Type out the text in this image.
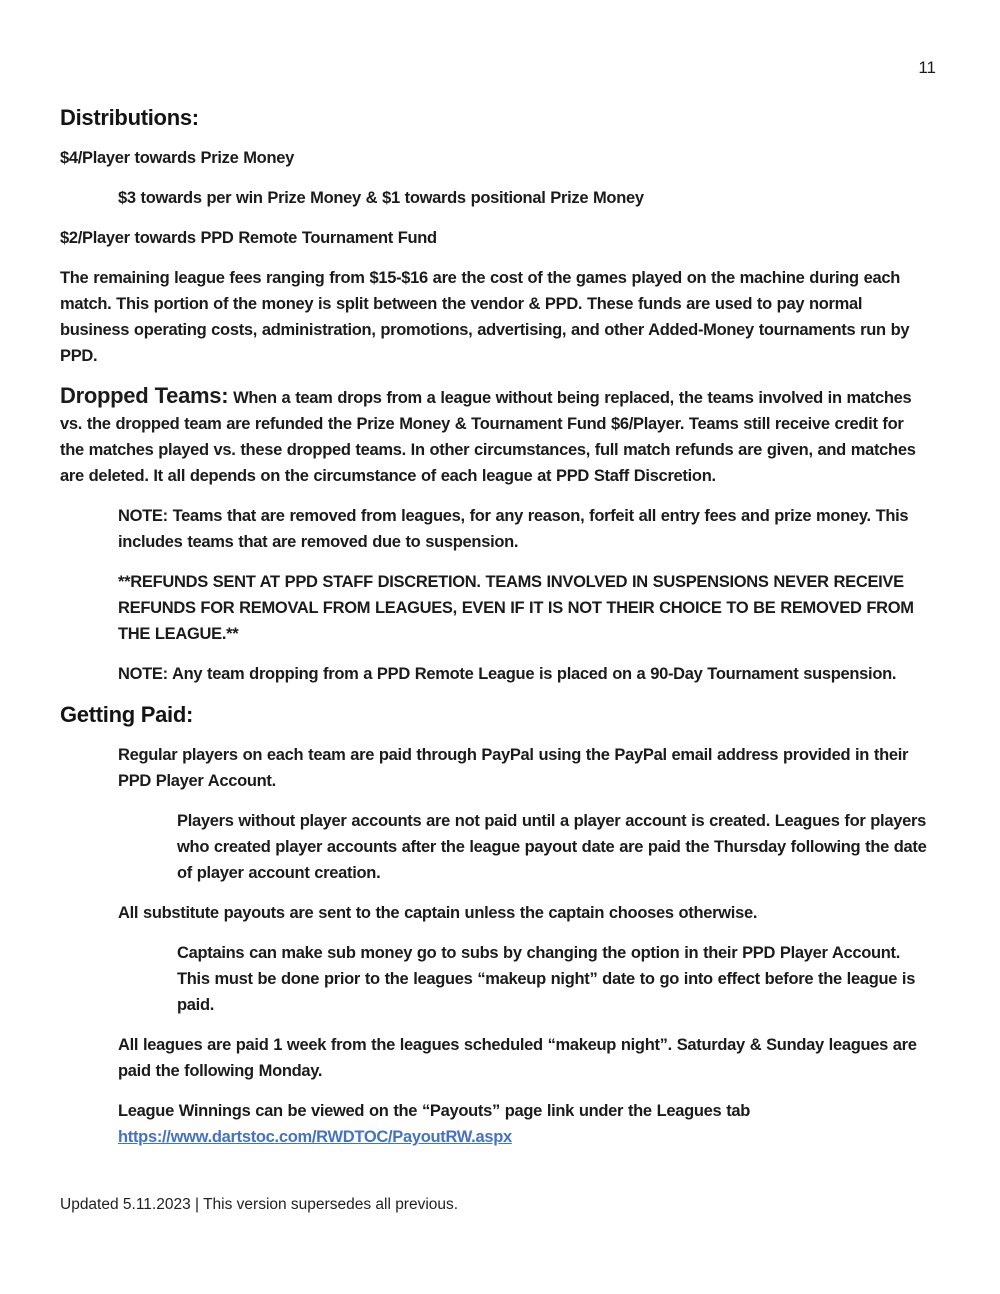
11
Distributions:

$4/Player towards Prize Money

$3 towards per win Prize Money & $1 towards positional Prize Money

$2/Player towards PPD Remote Tournament Fund

The remaining league fees ranging from $15-$16 are the cost of the games played on the machine during each match. This portion of the money is split between the vendor & PPD. These funds are used to pay normal business operating costs, administration, promotions, advertising, and other Added-Money tournaments run by PPD.

Dropped Teams: When a team drops from a league without being replaced, the teams involved in matches vs. the dropped team are refunded the Prize Money & Tournament Fund $6/Player. Teams still receive credit for the matches played vs. these dropped teams. In other circumstances, full match refunds are given, and matches are deleted. It all depends on the circumstance of each league at PPD Staff Discretion.

NOTE: Teams that are removed from leagues, for any reason, forfeit all entry fees and prize money. This includes teams that are removed due to suspension.

**REFUNDS SENT AT PPD STAFF DISCRETION. TEAMS INVOLVED IN SUSPENSIONS NEVER RECEIVE REFUNDS FOR REMOVAL FROM LEAGUES, EVEN IF IT IS NOT THEIR CHOICE TO BE REMOVED FROM THE LEAGUE.**

NOTE: Any team dropping from a PPD Remote League is placed on a 90-Day Tournament suspension.

Getting Paid:

Regular players on each team are paid through PayPal using the PayPal email address provided in their PPD Player Account.

Players without player accounts are not paid until a player account is created. Leagues for players who created player accounts after the league payout date are paid the Thursday following the date of player account creation.

All substitute payouts are sent to the captain unless the captain chooses otherwise.

Captains can make sub money go to subs by changing the option in their PPD Player Account. This must be done prior to the leagues “makeup night” date to go into effect before the league is paid.

All leagues are paid 1 week from the leagues scheduled “makeup night”. Saturday & Sunday leagues are paid the following Monday.

League Winnings can be viewed on the “Payouts” page link under the Leagues tab
https://www.dartstoc.com/RWDTOC/PayoutRW.aspx

Updated 5.11.2023 | This version supersedes all previous.
